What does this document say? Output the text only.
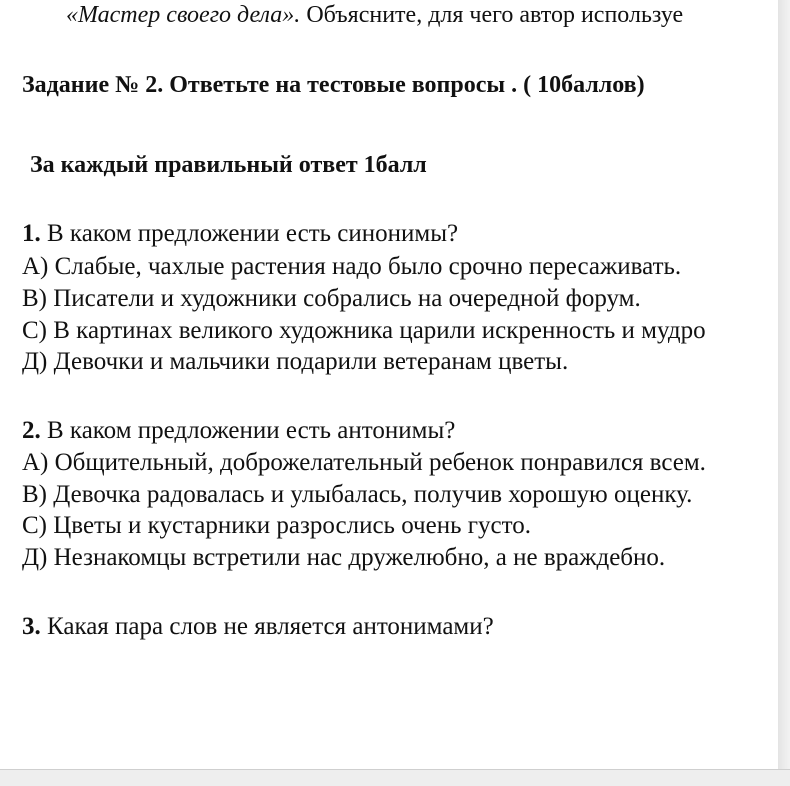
«Мастер своего дела». Объясните, для чего автор используе
Задание № 2. Ответьте на тестовые вопросы . ( 10баллов)
За каждый правильный ответ 1балл
1. В каком предложении есть синонимы?
А) Слабые, чахлые растения надо было срочно пересаживать.
В) Писатели и художники собрались на очередной форум.
С) В картинах великого художника царили искренность и мудро
Д) Девочки и мальчики подарили ветеранам цветы.
2. В каком предложении есть антонимы?
А) Общительный, доброжелательный ребенок понравился всем.
В) Девочка радовалась и улыбалась, получив хорошую оценку.
С) Цветы и кустарники разрослись очень густо.
Д) Незнакомцы встретили нас дружелюбно, а не враждебно.
3. Какая пара слов не является антонимами?
